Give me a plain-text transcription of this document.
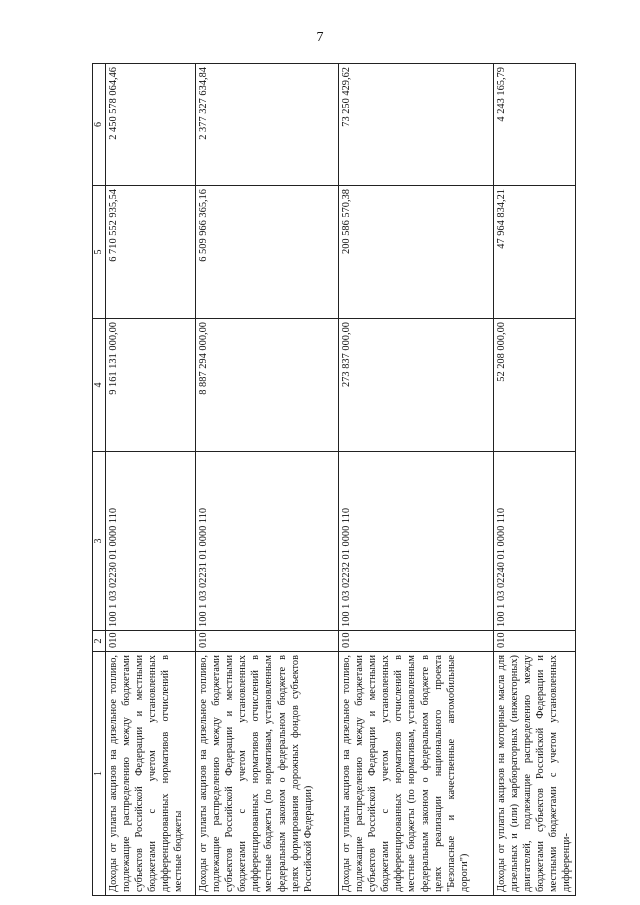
7
1	2	3	4	5	6
Доходы от уплаты акцизов на дизельное топливо, подлежащие распределению между бюджетами субъектов Российской Федерации и местными бюджетами с учетом установленных дифференцированных нормативов отчислений в местные бюджеты	010	100 1 03 02230 01 0000 110	9 161 131 000,00	6 710 552 935,54	2 450 578 064,46
Доходы от уплаты акцизов на дизельное топливо, подлежащие распределению между бюджетами субъектов Российской Федерации и местными бюджетами с учетом установленных дифференцированных нормативов отчислений в местные бюджеты (по нормативам, установленным федеральным законом о федеральном бюджете в целях формирования дорожных фондов субъектов Российской Федерации)	010	100 1 03 02231 01 0000 110	8 887 294 000,00	6 509 966 365,16	2 377 327 634,84
Доходы от уплаты акцизов на дизельное топливо, подлежащие распределению между бюджетами субъектов Российской Федерации и местными бюджетами с учетом установленных дифференцированных нормативов отчислений в местные бюджеты (по нормативам, установленным федеральным законом о федеральном бюджете в целях реализации национального проекта "Безопасные и качественные автомобильные дороги")	010	100 1 03 02232 01 0000 110	273 837 000,00	200 586 570,38	73 250 429,62
Доходы от уплаты акцизов на моторные масла для дизельных и (или) карбюраторных (инжекторных) двигателей, подлежащие распределению между бюджетами субъектов Российской Федерации и местными бюджетами с учетом установленных дифференци-	010	100 1 03 02240 01 0000 110	52 208 000,00	47 964 834,21	4 243 165,79
